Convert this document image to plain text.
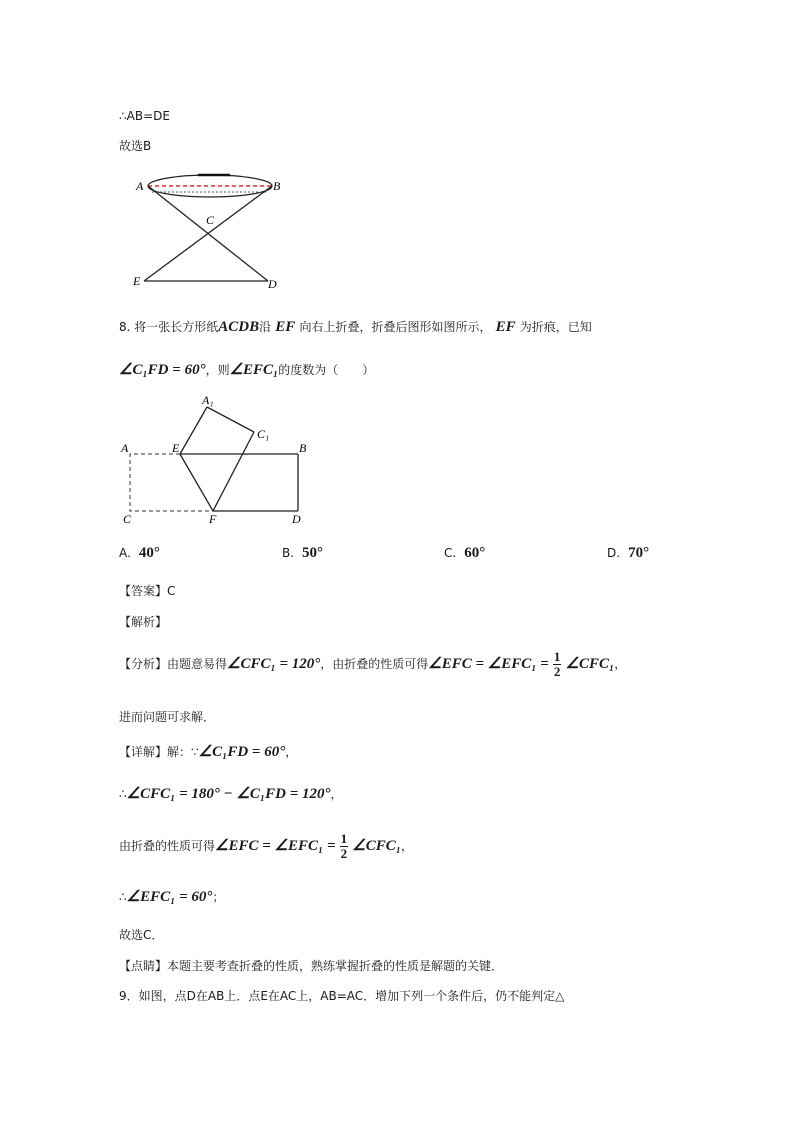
∴AB=DE
故选B
A	B
C
D
E
8. 将一张长方形纸ACDB沿 EF 向右上折叠，折叠后图形如图所示， EF 为折痕，已知
∠C₁FD = 60°，则∠EFC₁的度数为（　　）
A	E
A₁
C₁
B
C	F	D
A. 40°	B. 50°	C. 60°	D. 70°
【答案】C
【解析】
【分析】由题意易得∠CFC₁ = 120°，由折叠的性质可得∠EFC = ∠EFC₁ = $\frac{1}{2}$ ∠CFC₁，
进而问题可求解．
【详解】解：∵∠C₁FD = 60°，
∴∠CFC₁ = 180° − ∠C₁FD = 120°，
由折叠的性质可得∠EFC = ∠EFC₁ = $\frac{1}{2}$ ∠CFC₁，
∴∠EFC₁ = 60°；
故选C．
【点睛】本题主要考查折叠的性质，熟练掌握折叠的性质是解题的关键．
9．如图，点D在AB上．点E在AC上，AB=AC．增加下列一个条件后，仍不能判定△
